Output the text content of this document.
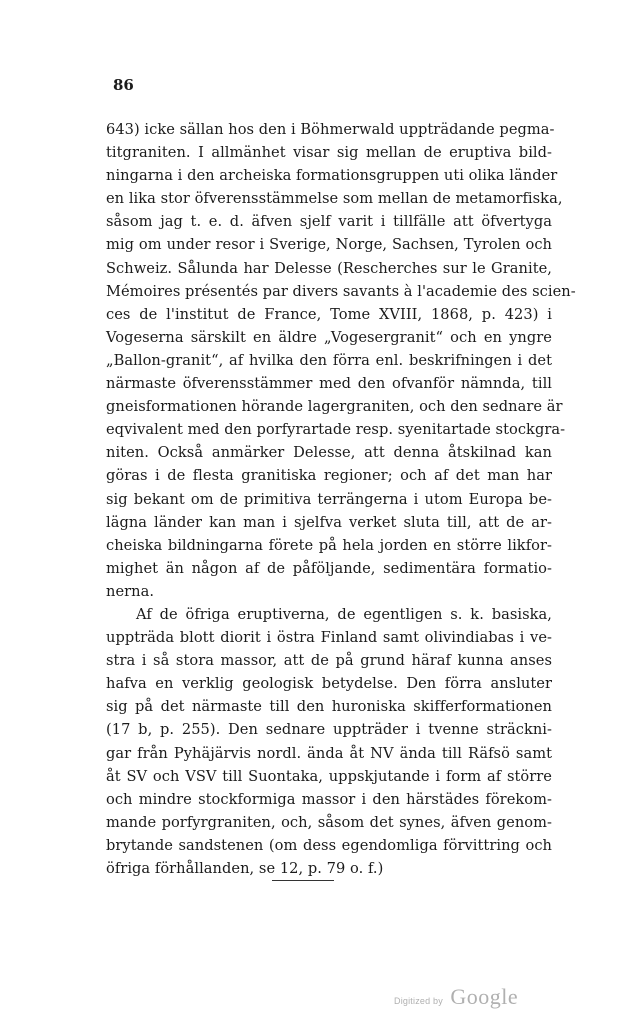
86
643) icke sällan hos den i Böhmerwald uppträdande pegma-
titgraniten. I allmänhet visar sig mellan de eruptiva bild-
ningarna i den archeiska formationsgruppen uti olika länder
en lika stor öfverensstämmelse som mellan de metamorfiska,
såsom jag t. e. d. äfven sjelf varit i tillfälle att öfvertyga
mig om under resor i Sverige, Norge, Sachsen, Tyrolen och
Schweiz. Sålunda har Delesse (Rescherches sur le Granite,
Mémoires présentés par divers savants à l'academie des scien-
ces de l'institut de France, Tome XVIII, 1868, p. 423) i
Vogeserna särskilt en äldre „Vogesergranit“ och en yngre
„Ballon-granit“, af hvilka den förra enl. beskrifningen i det
närmaste öfverensstämmer med den ofvanför nämnda, till
gneisformationen hörande lagergraniten, och den sednare är
eqvivalent med den porfyrartade resp. syenitartade stockgra-
niten. Också anmärker Delesse, att denna åtskilnad kan
göras i de flesta granitiska regioner; och af det man har
sig bekant om de primitiva terrängerna i utom Europa be-
lägna länder kan man i sjelfva verket sluta till, att de ar-
cheiska bildningarna förete på hela jorden en större likfor-
mighet än någon af de påföljande, sedimentära formatio-
nerna.
Af de öfriga eruptiverna, de egentligen s. k. basiska,
uppträda blott diorit i östra Finland samt olivindiabas i ve-
stra i så stora massor, att de på grund häraf kunna anses
hafva en verklig geologisk betydelse. Den förra ansluter
sig på det närmaste till den huroniska skifferformationen
(17 b, p. 255). Den sednare uppträder i tvenne sträckni-
gar från Pyhäjärvis nordl. ända åt NV ända till Räfsö samt
åt SV och VSV till Suontaka, uppskjutande i form af större
och mindre stockformiga massor i den härstädes förekom-
mande porfyrgraniten, och, såsom det synes, äfven genom-
brytande sandstenen (om dess egendomliga förvittring och
öfriga förhållanden, se 12, p. 79 o. f.)
Digitized by Google
